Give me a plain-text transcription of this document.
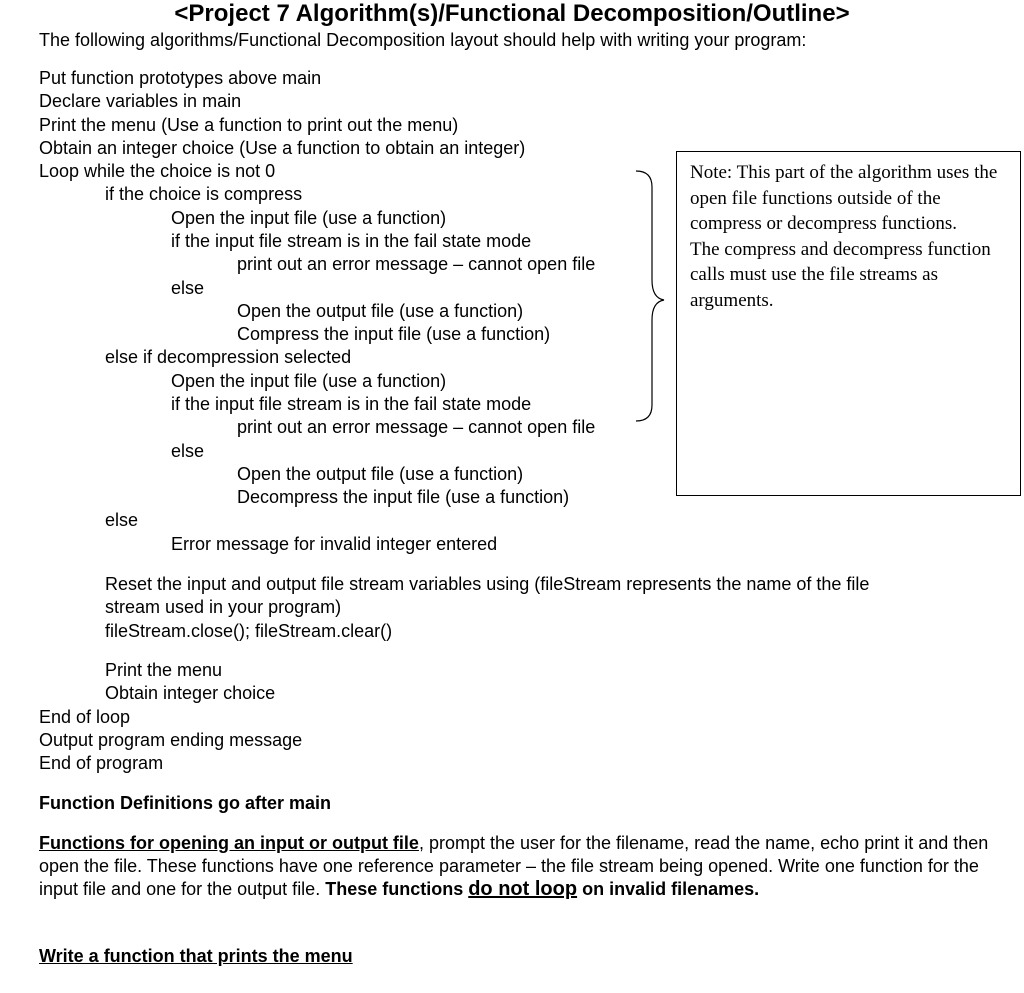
<Project 7 Algorithm(s)/Functional Decomposition/Outline>
The following algorithms/Functional Decomposition layout should help with writing your program:
Put function prototypes above main
Declare variables in main
Print the menu (Use a function to print out the menu)
Obtain an integer choice (Use a function to obtain an integer)
Loop while the choice is not 0
if the choice is compress
Open the input file (use a function)
if the input file stream is in the fail state mode
print out an error message – cannot open file
else
Open the output file (use a function)
Compress the input file (use a function)
else if decompression selected
Open the input file (use a function)
if the input file stream is in the fail state mode
print out an error message – cannot open file
else
Open the output file (use a function)
Decompress the input file (use a function)
else
Error message for invalid integer entered
Reset the input and output file stream variables using (fileStream represents the name of the file
stream used in your program)
fileStream.close(); fileStream.clear()
Print the menu
Obtain integer choice
End of loop
Output program ending message
End of program
Note: This part of the algorithm uses the open file functions outside of the compress or decompress functions.
The compress and decompress function calls must use the file streams as arguments.
Function Definitions go after main
Functions for opening an input or output file, prompt the user for the filename, read the name, echo print it and then open the file. These functions have one reference parameter – the file stream being opened. Write one function for the input file and one for the output file. These functions do not loop on invalid filenames.
Write a function that prints the menu
